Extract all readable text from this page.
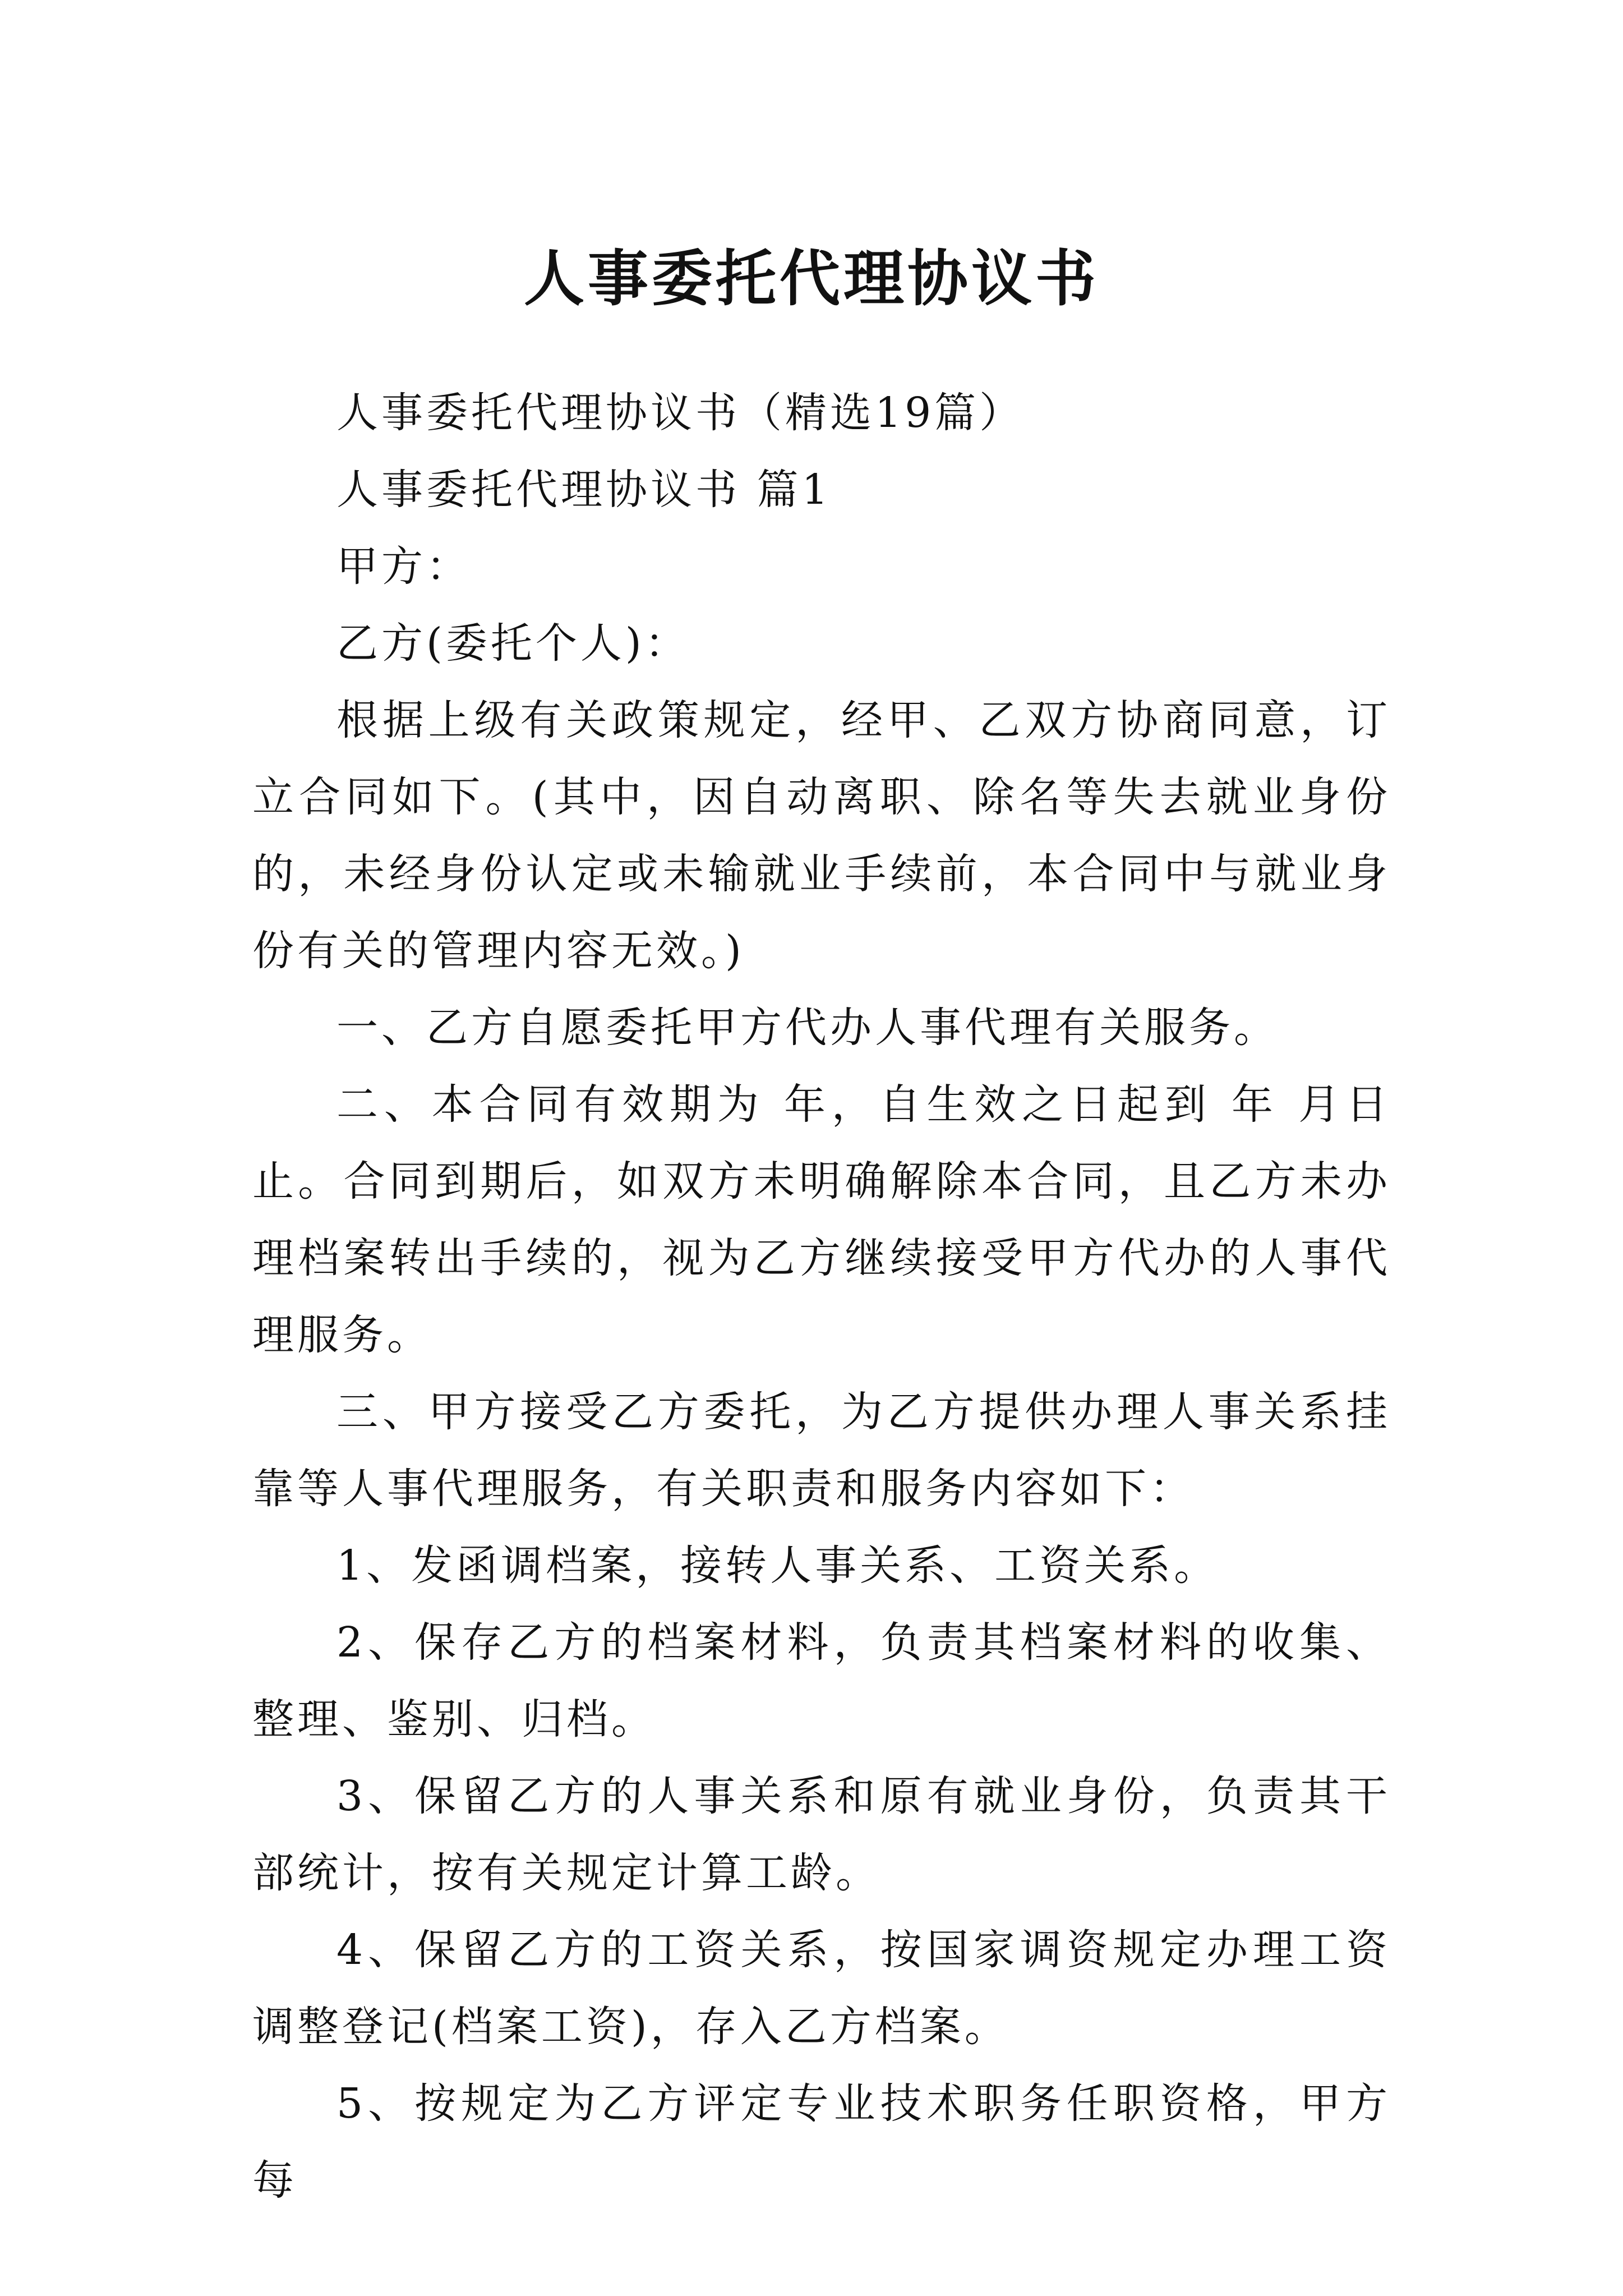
人事委托代理协议书

人事委托代理协议书（精选19篇）

人事委托代理协议书 篇1

甲方：

乙方(委托个人)：

根据上级有关政策规定，经甲、乙双方协商同意，订立合同如下。(其中，因自动离职、除名等失去就业身份的，未经身份认定或未输就业手续前，本合同中与就业身份有关的管理内容无效。)

一、乙方自愿委托甲方代办人事代理有关服务。

二、本合同有效期为 年，自生效之日起到 年 月日止。合同到期后，如双方未明确解除本合同，且乙方未办理档案转出手续的，视为乙方继续接受甲方代办的人事代理服务。

三、甲方接受乙方委托，为乙方提供办理人事关系挂靠等人事代理服务，有关职责和服务内容如下：

1、发函调档案，接转人事关系、工资关系。

2、保存乙方的档案材料，负责其档案材料的收集、整理、鉴别、归档。

3、保留乙方的人事关系和原有就业身份，负责其干部统计，按有关规定计算工龄。

4、保留乙方的工资关系，按国家调资规定办理工资调整登记(档案工资)，存入乙方档案。

5、按规定为乙方评定专业技术职务任职资格，甲方每
